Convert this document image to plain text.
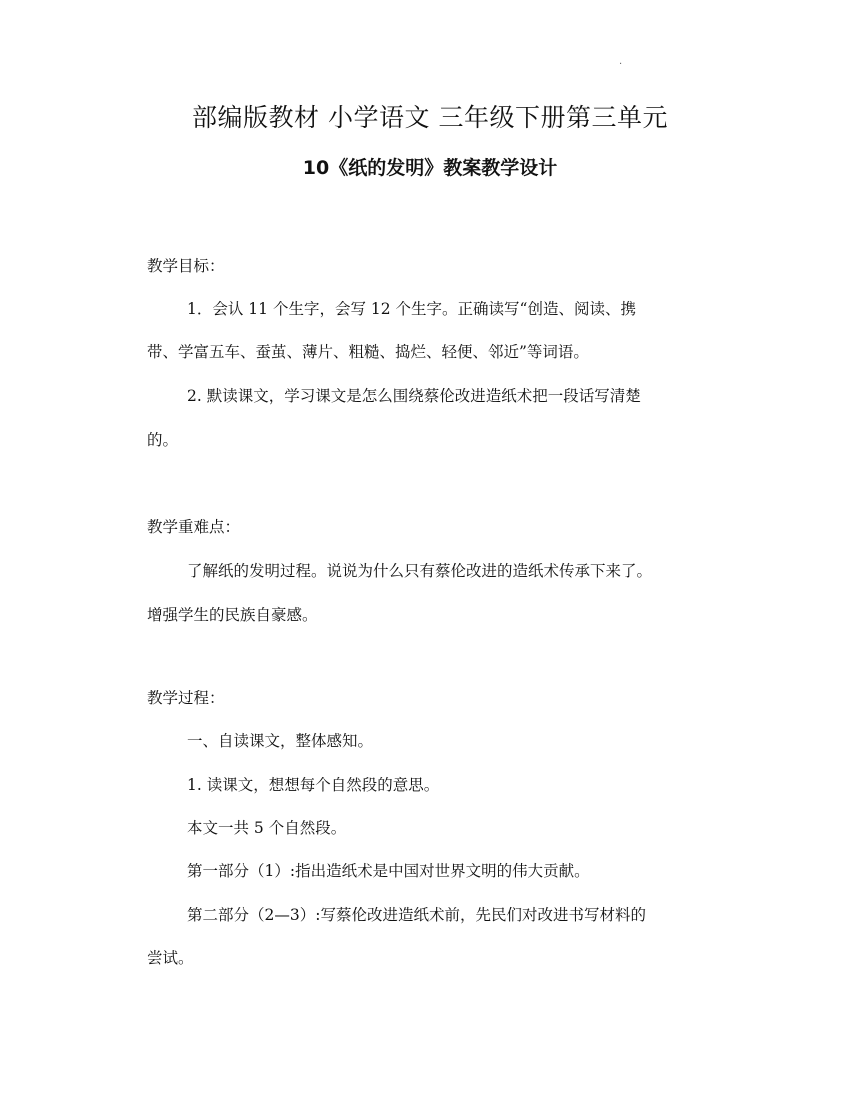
.
部编版教材 小学语文 三年级下册第三单元
10《纸的发明》教案教学设计
教学目标：
1．会认 11 个生字，会写 12 个生字。正确读写“创造、阅读、携
带、学富五车、蚕茧、薄片、粗糙、捣烂、轻便、邻近”等词语。
2. 默读课文，学习课文是怎么围绕蔡伦改进造纸术把一段话写清楚
的。
教学重难点：
了解纸的发明过程。说说为什么只有蔡伦改进的造纸术传承下来了。
增强学生的民族自豪感。
教学过程：
一、自读课文，整体感知。
1. 读课文，想想每个自然段的意思。
本文一共 5 个自然段。
第一部分（1）:指出造纸术是中国对世界文明的伟大贡献。
第二部分（2—3）:写蔡伦改进造纸术前，先民们对改进书写材料的
尝试。
